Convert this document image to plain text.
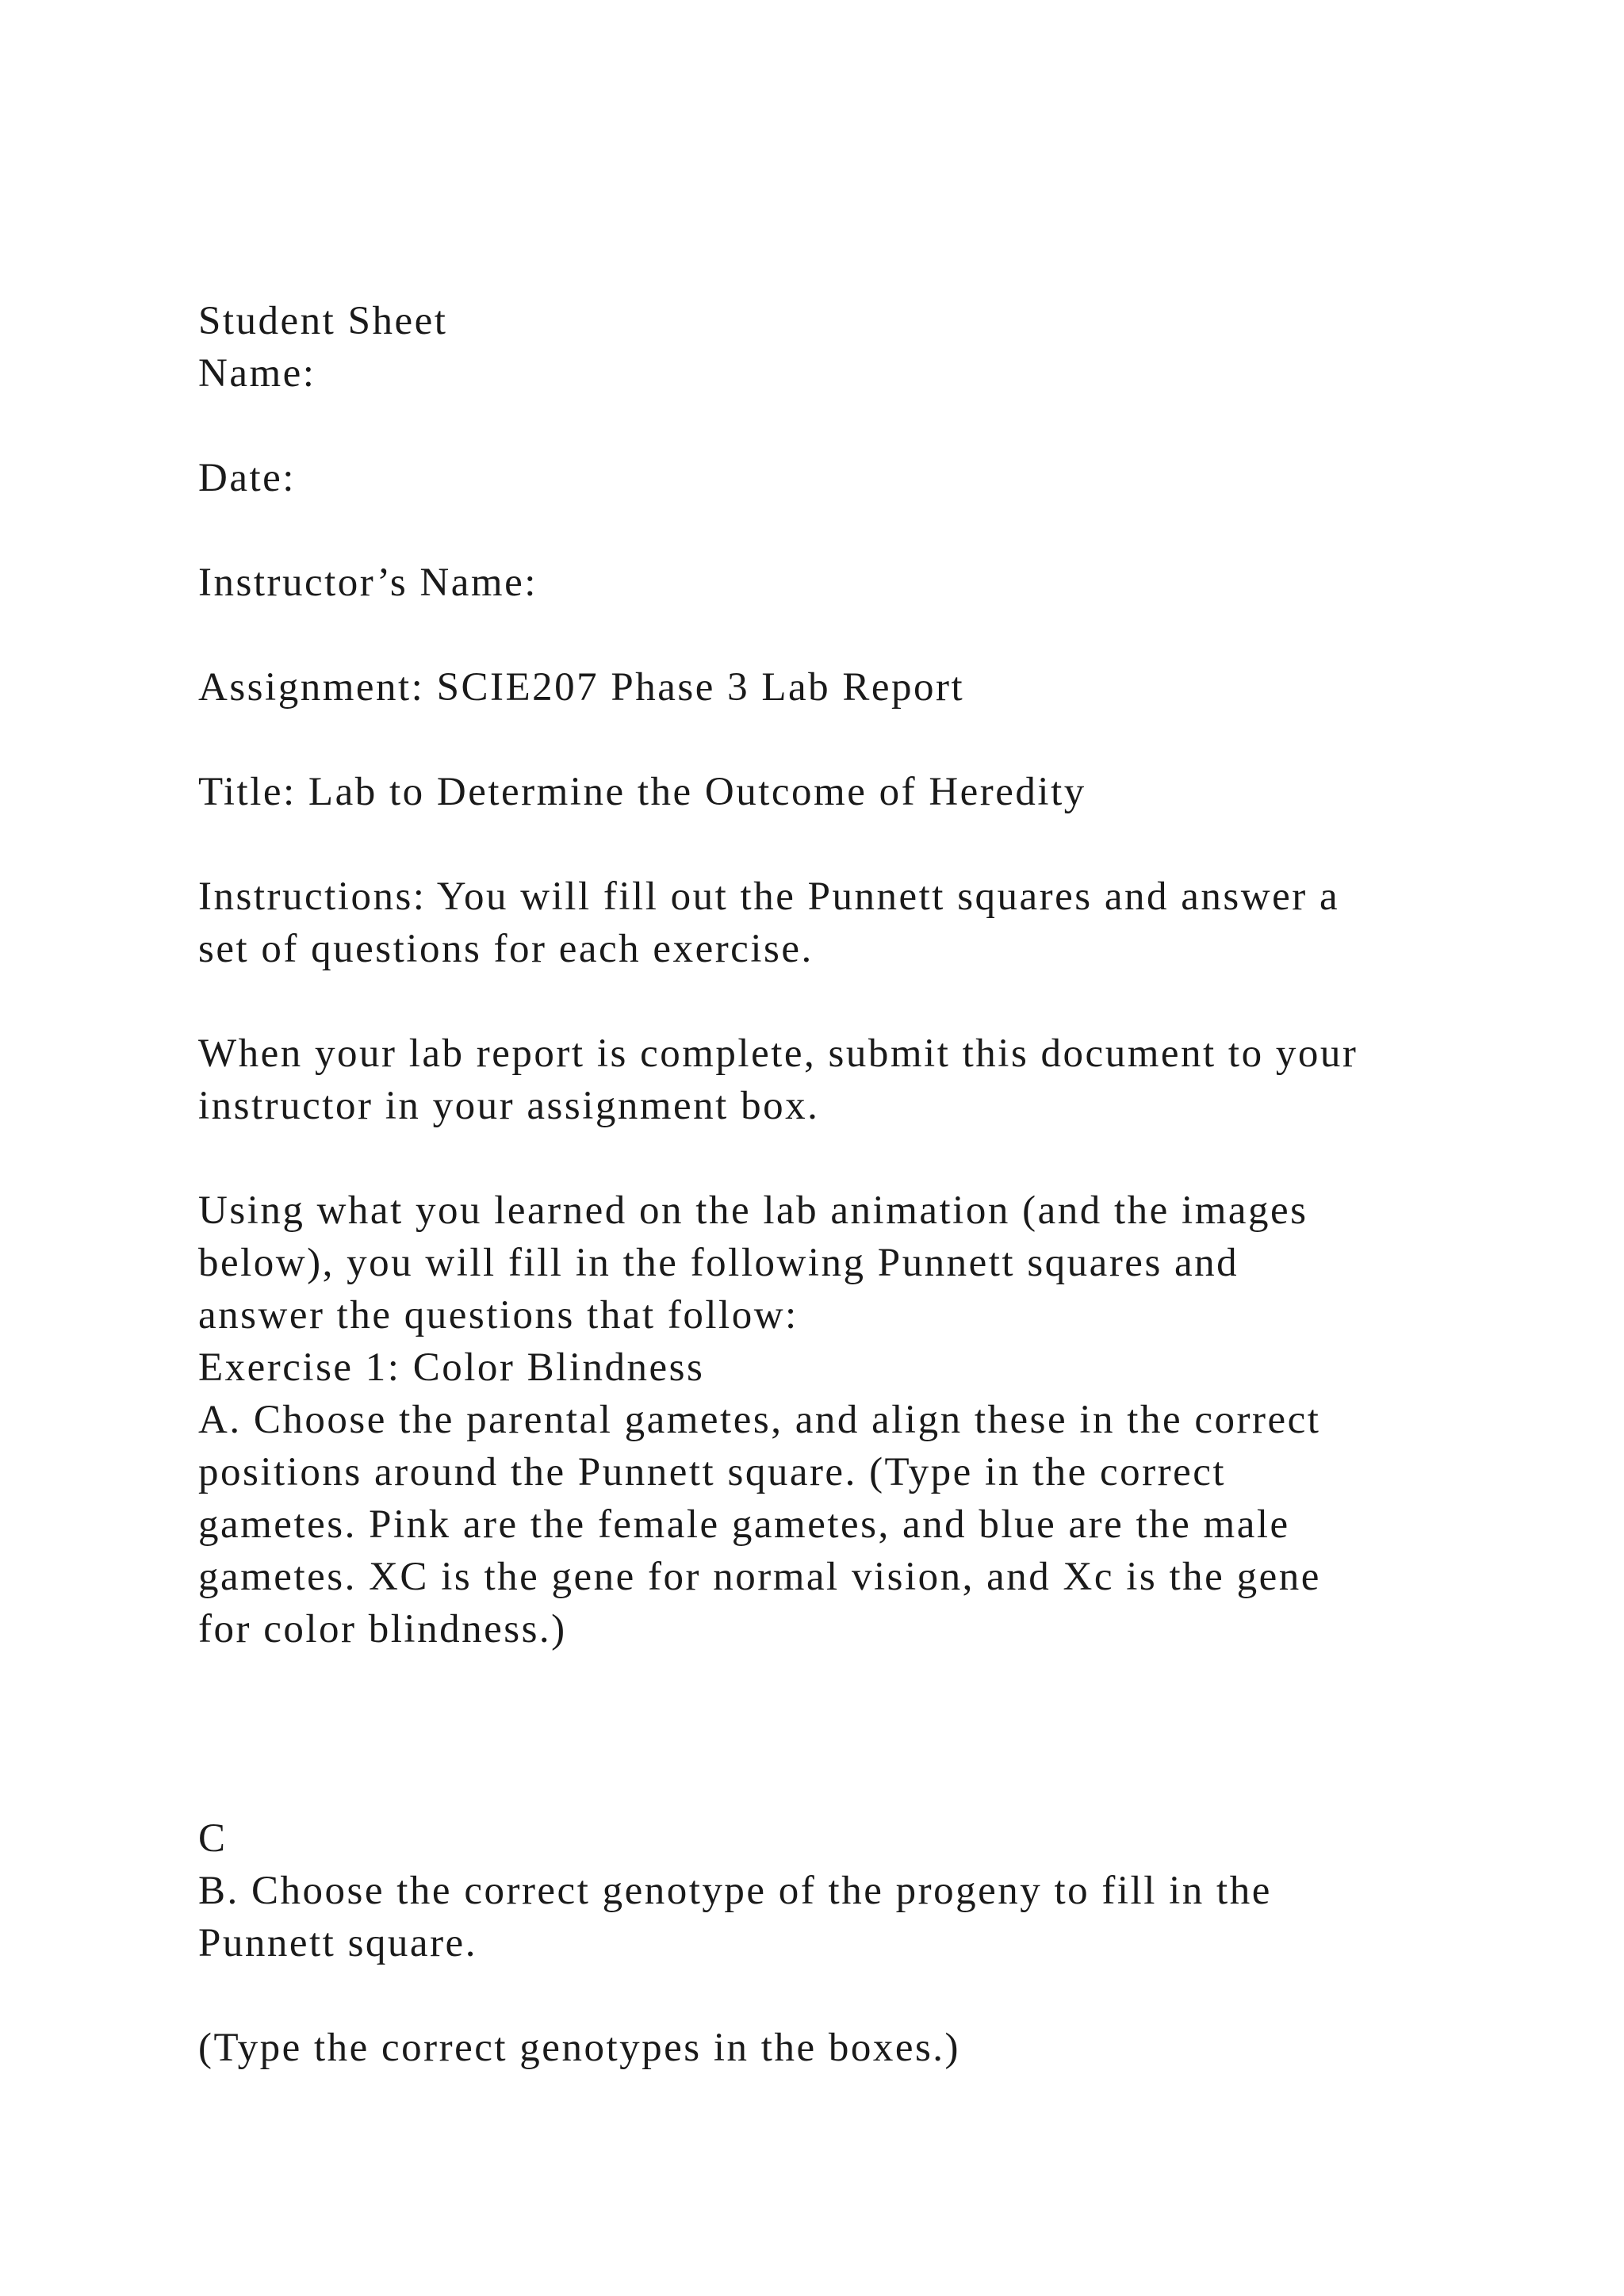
Student Sheet
Name:
Date:
Instructor’s Name:
Assignment: SCIE207 Phase 3 Lab Report
Title: Lab to Determine the Outcome of Heredity
Instructions: You will fill out the Punnett squares and answer a
set of questions for each exercise.
When your lab report is complete, submit this document to your
instructor in your assignment box.
Using what you learned on the lab animation (and the images
below), you will fill in the following Punnett squares and
answer the questions that follow:
Exercise 1: Color Blindness
A. Choose the parental gametes, and align these in the correct
positions around the Punnett square. (Type in the correct
gametes. Pink are the female gametes, and blue are the male
gametes. XC is the gene for normal vision, and Xc is the gene
for color blindness.)
C
B. Choose the correct genotype of the progeny to fill in the
Punnett square.
(Type the correct genotypes in the boxes.)
